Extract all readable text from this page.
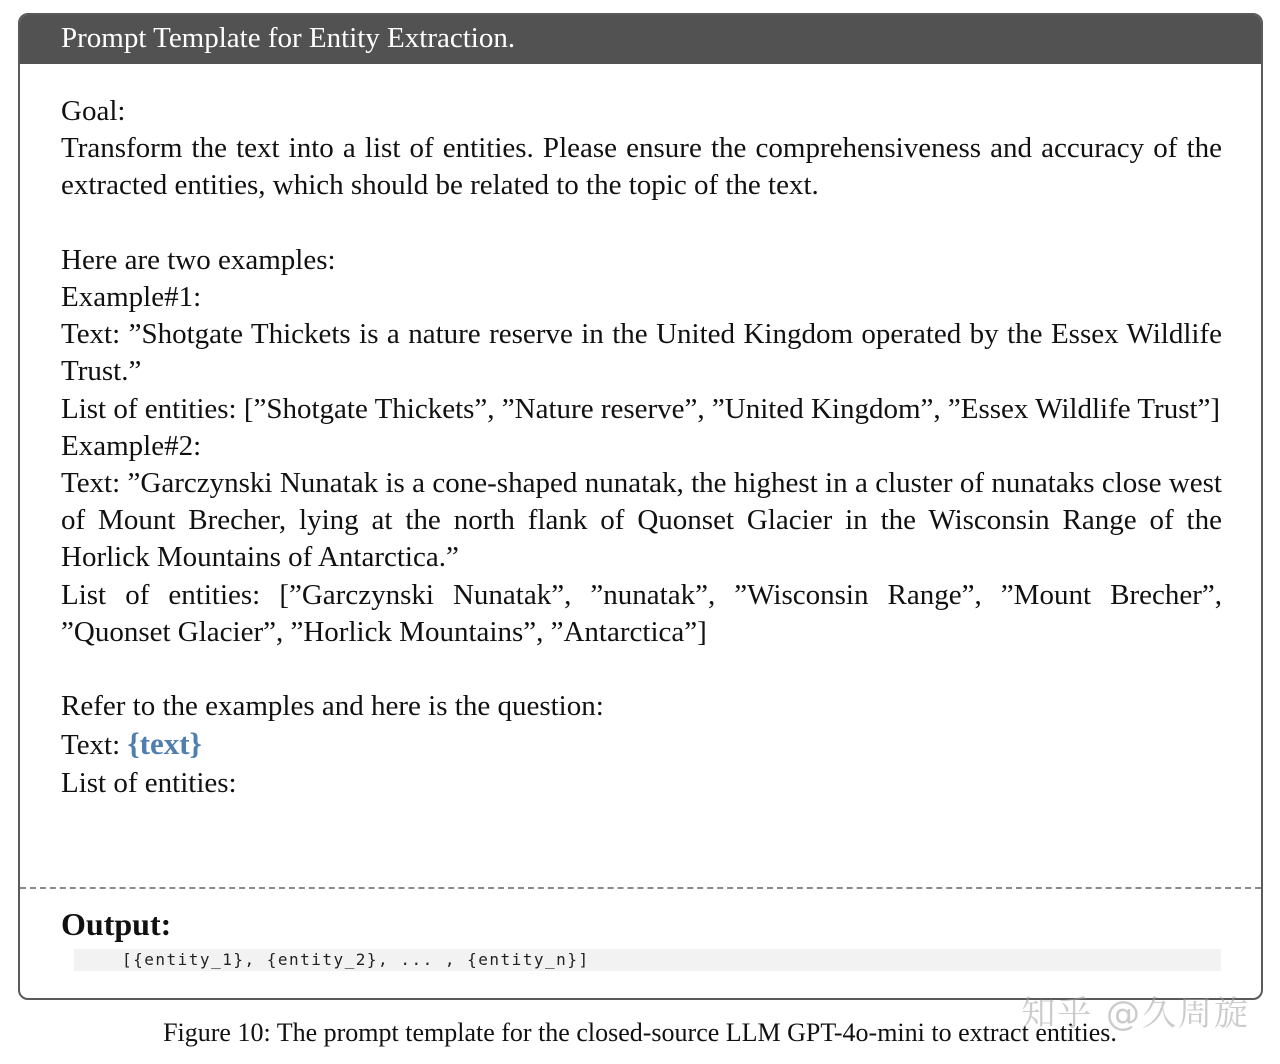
Prompt Template for Entity Extraction.
Goal:
Transform the text into a list of entities. Please ensure the comprehensiveness and accuracy of the extracted entities, which should be related to the topic of the text.
Here are two examples:
Example#1:
Text: ”Shotgate Thickets is a nature reserve in the United Kingdom operated by the Essex Wildlife Trust.”
List of entities: [”Shotgate Thickets”, ”Nature reserve”, ”United Kingdom”, ”Essex Wildlife Trust”]
Example#2:
Text: ”Garczynski Nunatak is a cone-shaped nunatak, the highest in a cluster of nunataks close west of Mount Brecher, lying at the north flank of Quonset Glacier in the Wisconsin Range of the Horlick Mountains of Antarctica.”
List of entities: [”Garczynski Nunatak”, ”nunatak”, ”Wisconsin Range”, ”Mount Brecher”, ”Quonset Glacier”, ”Horlick Mountains”, ”Antarctica”]
Refer to the examples and here is the question:
Text: {text}
List of entities:
Output:
[{entity_1}, {entity_2}, ... , {entity_n}]
Figure 10: The prompt template for the closed-source LLM GPT-4o-mini to extract entities.
知乎 @久周旋
